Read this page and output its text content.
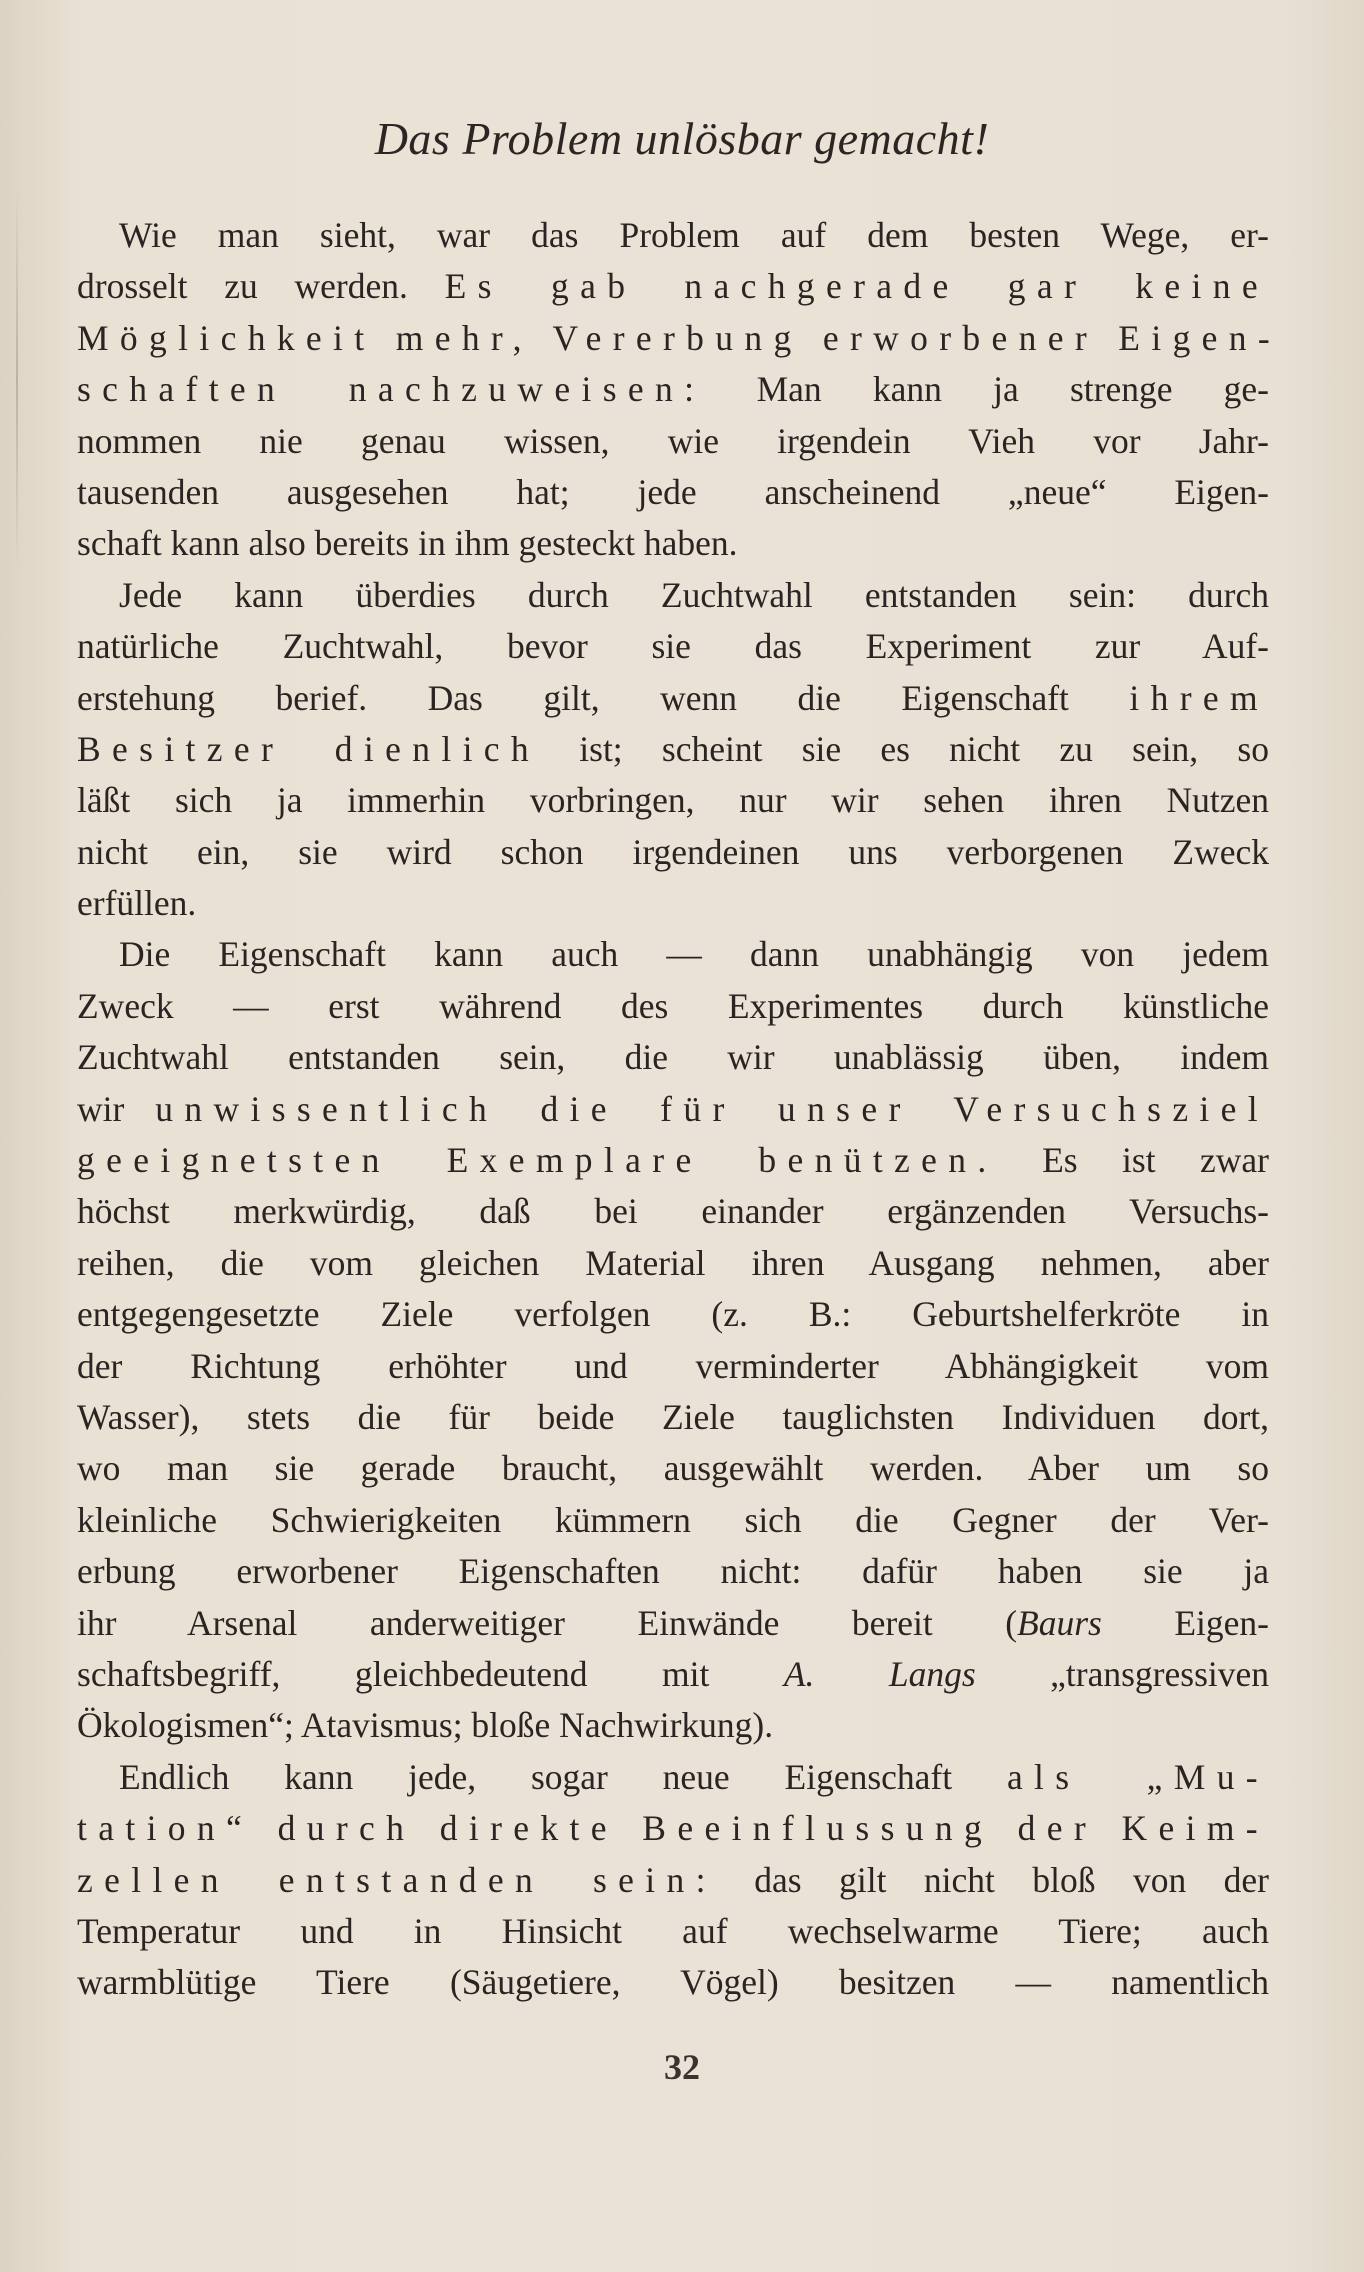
Das Problem unlösbar gemacht!
Wie man sieht, war das Problem auf dem besten Wege, er-
drosselt zu werden. Es gab nachgerade gar keine
Möglichkeit mehr, Vererbung erworbener Eigen-
schaften nachzuweisen: Man kann ja strenge ge-
nommen nie genau wissen, wie irgendein Vieh vor Jahr-
tausenden ausgesehen hat; jede anscheinend „neue“ Eigen-
schaft kann also bereits in ihm gesteckt haben.
Jede kann überdies durch Zuchtwahl entstanden sein: durch
natürliche Zuchtwahl, bevor sie das Experiment zur Auf-
erstehung berief. Das gilt, wenn die Eigenschaft ihrem
Besitzer dienlich ist; scheint sie es nicht zu sein, so
läßt sich ja immerhin vorbringen, nur wir sehen ihren Nutzen
nicht ein, sie wird schon irgendeinen uns verborgenen Zweck
erfüllen.
Die Eigenschaft kann auch — dann unabhängig von jedem
Zweck — erst während des Experimentes durch künstliche
Zuchtwahl entstanden sein, die wir unablässig üben, indem
wir unwissentlich die für unser Versuchsziel
geeignetsten Exemplare benützen. Es ist zwar
höchst merkwürdig, daß bei einander ergänzenden Versuchs-
reihen, die vom gleichen Material ihren Ausgang nehmen, aber
entgegengesetzte Ziele verfolgen (z. B.: Geburtshelferkröte in
der Richtung erhöhter und verminderter Abhängigkeit vom
Wasser), stets die für beide Ziele tauglichsten Individuen dort,
wo man sie gerade braucht, ausgewählt werden. Aber um so
kleinliche Schwierigkeiten kümmern sich die Gegner der Ver-
erbung erworbener Eigenschaften nicht: dafür haben sie ja
ihr Arsenal anderweitiger Einwände bereit (Baurs Eigen-
schaftsbegriff, gleichbedeutend mit A. Langs „transgressiven
Ökologismen“; Atavismus; bloße Nachwirkung).
Endlich kann jede, sogar neue Eigenschaft als „Mu-
tation“ durch direkte Beeinflussung der Keim-
zellen entstanden sein: das gilt nicht bloß von der
Temperatur und in Hinsicht auf wechselwarme Tiere; auch
warmblütige Tiere (Säugetiere, Vögel) besitzen — namentlich
32
